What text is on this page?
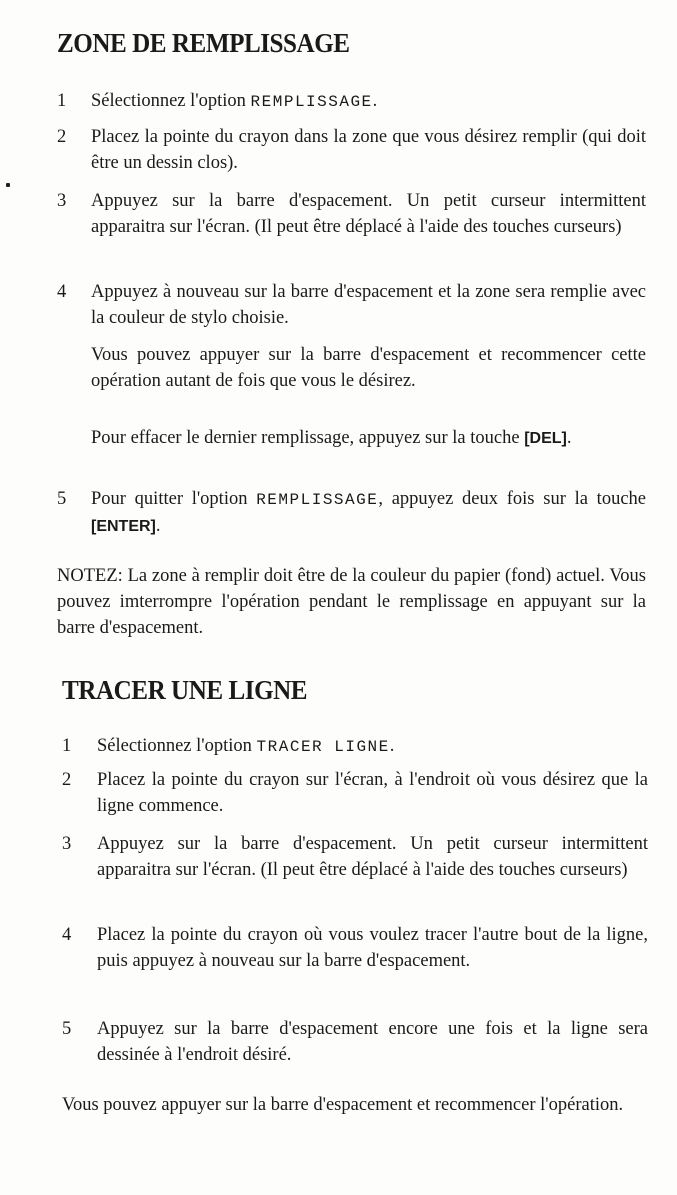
ZONE DE REMPLISSAGE
1	Sélectionnez l'option REMPLISSAGE.
2	Placez la pointe du crayon dans la zone que vous désirez remplir (qui doit être un dessin clos).
3	Appuyez sur la barre d'espacement. Un petit curseur intermittent apparaitra sur l'écran. (Il peut être déplacé à l'aide des touches curseurs)
4	Appuyez à nouveau sur la barre d'espacement et la zone sera remplie avec la couleur de stylo choisie.
Vous pouvez appuyer sur la barre d'espacement et recommencer cette opération autant de fois que vous le désirez.
Pour effacer le dernier remplissage, appuyez sur la touche [DEL].
5	Pour quitter l'option REMPLISSAGE, appuyez deux fois sur la touche [ENTER].
NOTEZ: La zone à remplir doit être de la couleur du papier (fond) actuel. Vous pouvez imterrompre l'opération pendant le remplissage en appuyant sur la barre d'espacement.
TRACER UNE LIGNE
1	Sélectionnez l'option TRACER LIGNE.
2	Placez la pointe du crayon sur l'écran, à l'endroit où vous désirez que la ligne commence.
3	Appuyez sur la barre d'espacement. Un petit curseur intermittent apparaitra sur l'écran. (Il peut être déplacé à l'aide des touches curseurs)
4	Placez la pointe du crayon où vous voulez tracer l'autre bout de la ligne, puis appuyez à nouveau sur la barre d'espacement.
5	Appuyez sur la barre d'espacement encore une fois et la ligne sera dessinée à l'endroit désiré.
Vous pouvez appuyer sur la barre d'espacement et recommencer l'opération.
